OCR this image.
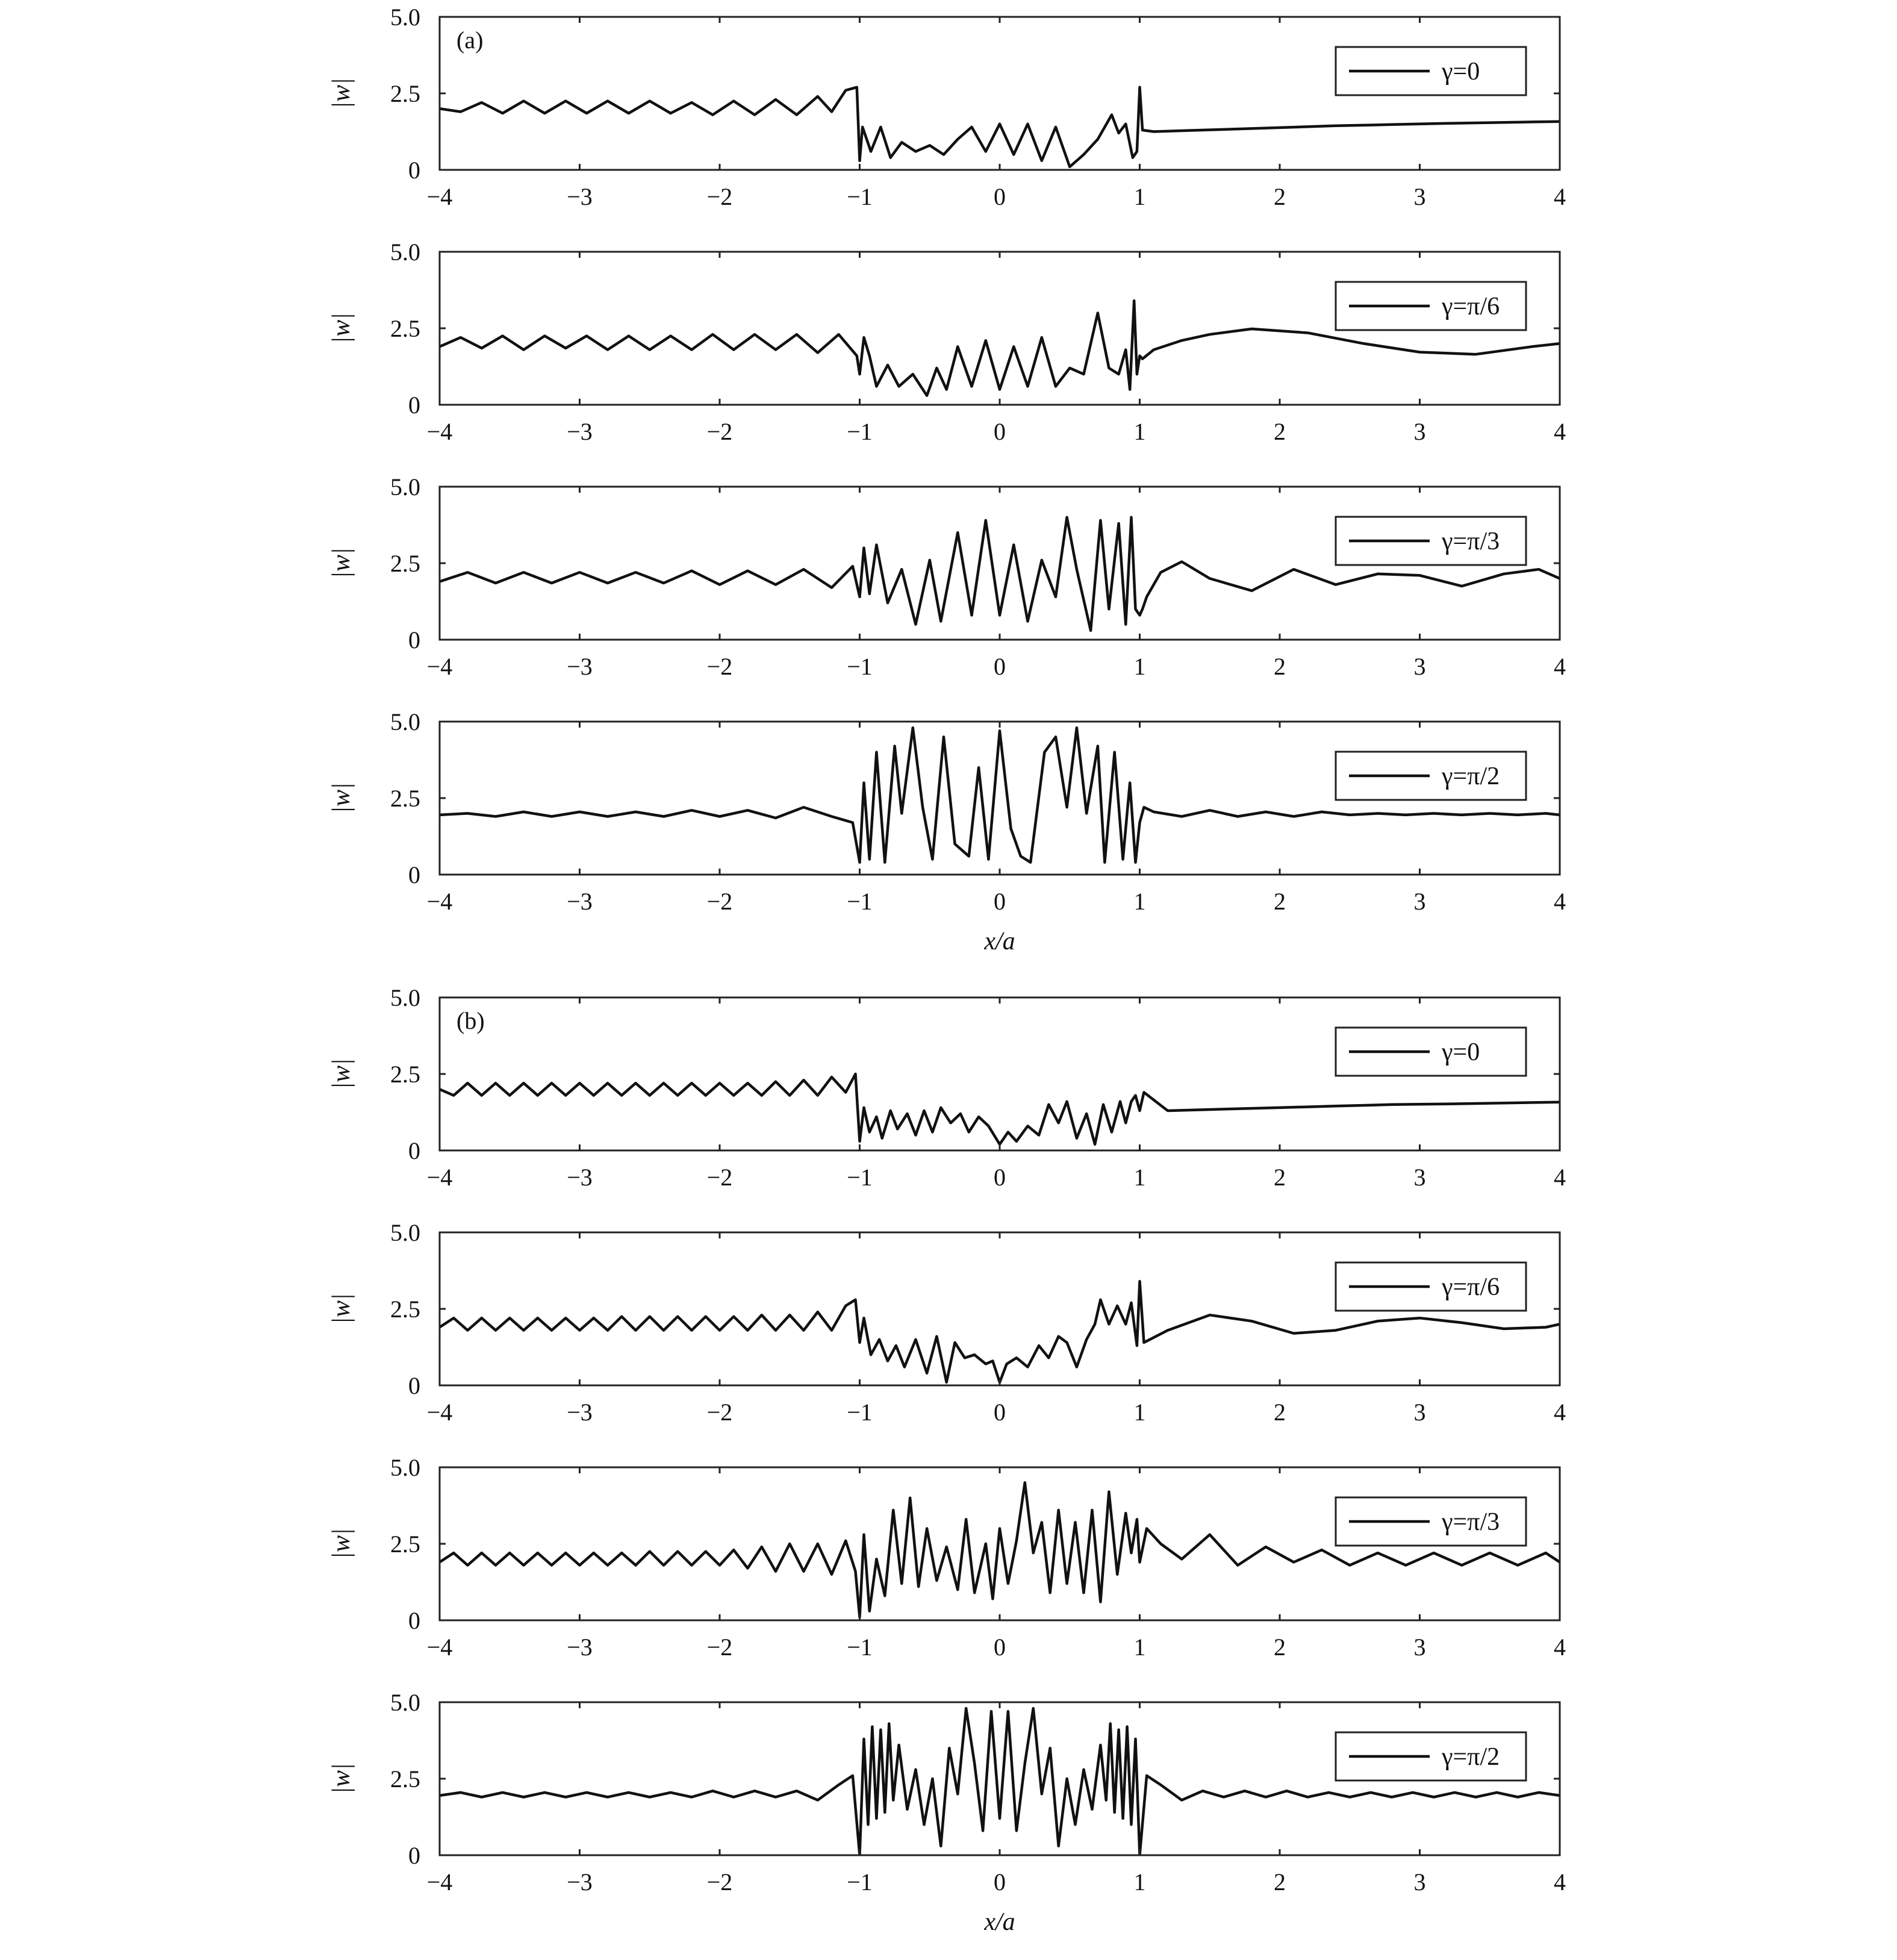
−4	−3	−2	−1	0	1	2	3	4
0
2.5
5.0
|w|
(a)
γ=0
−4	−3	−2	−1	0	1	2	3	4
0
2.5
5.0
|w|
γ=π/6
−4	−3	−2	−1	0	1	2	3	4
0
2.5
5.0
|w|
γ=π/3
−4	−3	−2	−1	0	1	2	3	4
0
2.5
5.0
|w|
x/a
γ=π/2
−4	−3	−2	−1	0	1	2	3	4
0
2.5
5.0
|w|
(b)
γ=0
−4	−3	−2	−1	0	1	2	3	4
0
2.5
5.0
|w|
γ=π/6
−4	−3	−2	−1	0	1	2	3	4
0
2.5
5.0
|w|
γ=π/3
−4	−3	−2	−1	0	1	2	3	4
0
2.5
5.0
|w|
x/a
γ=π/2
